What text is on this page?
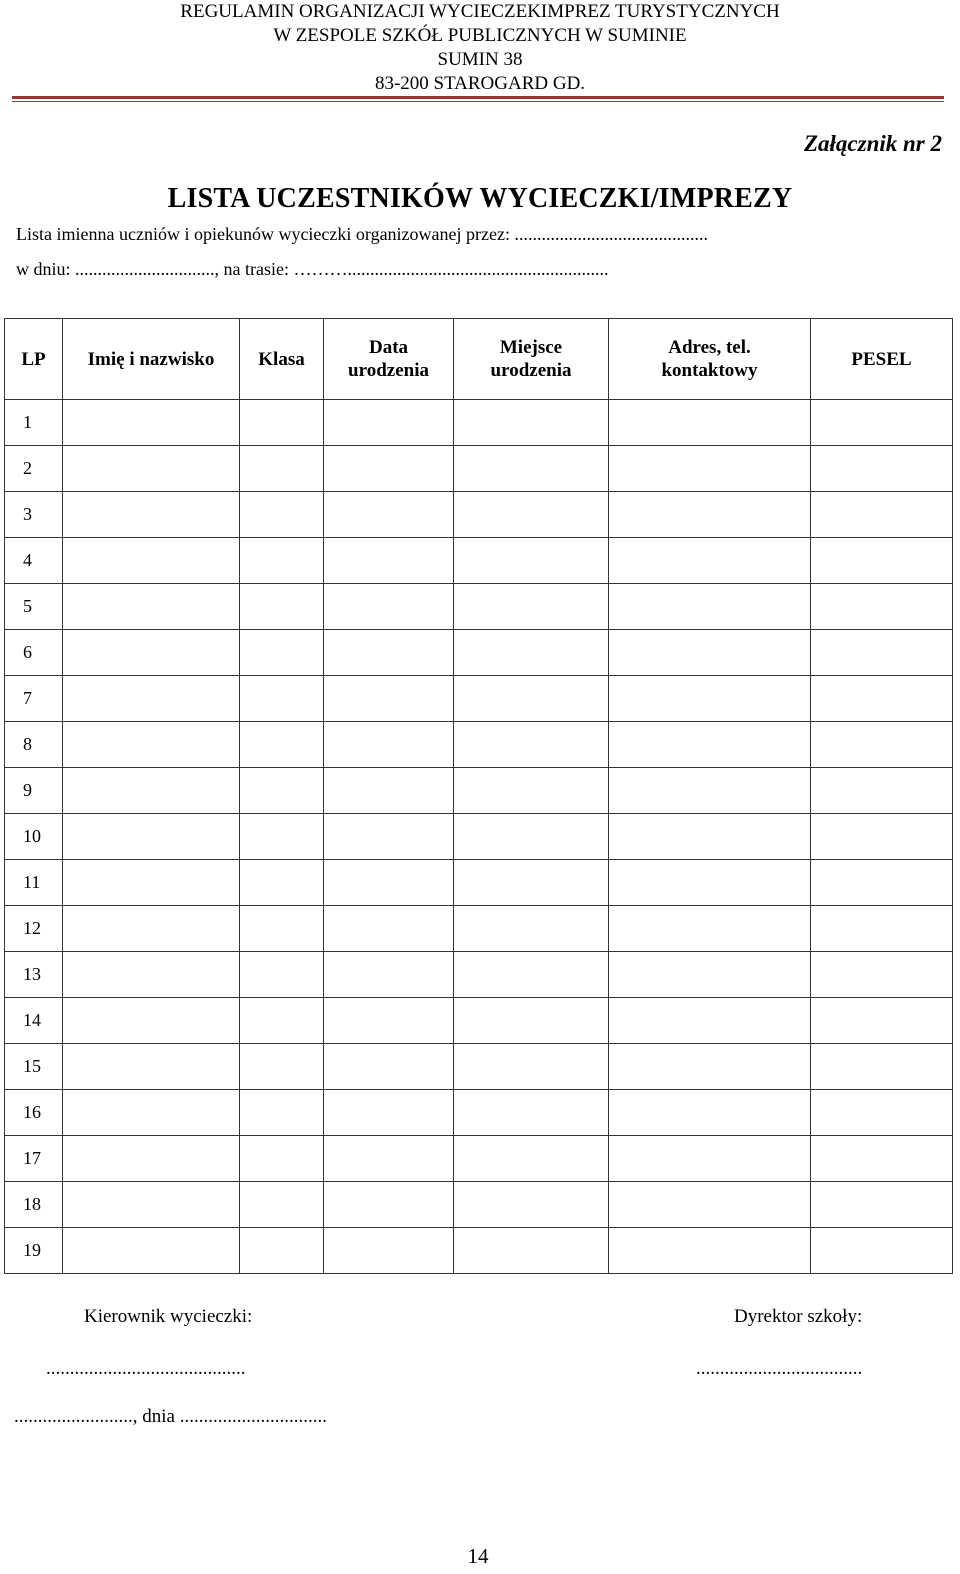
REGULAMIN ORGANIZACJI WYCIECZEKIMPREZ TURYSTYCZNYCH
W ZESPOLE SZKÓŁ PUBLICZNYCH W SUMINIE
SUMIN 38
83-200 STAROGARD GD.
Załącznik nr 2
LISTA UCZESTNIKÓW WYCIECZKI/IMPREZY
Lista imienna uczniów i opiekunów wycieczki organizowanej przez: ...........................................
w dniu: ..............................., na trasie: ………..........................................................
LP	Imię i nazwisko	Klasa	Data urodzenia	Miejsce urodzenia	Adres, tel. kontaktowy	PESEL
1						
2						
3						
4						
5						
6						
7						
8						
9						
10						
11						
12						
13						
14						
15						
16						
17						
18						
19						
Kierownik wycieczki:	Dyrektor szkoły:
..........................................	...................................
........................., dnia ...............................
14
